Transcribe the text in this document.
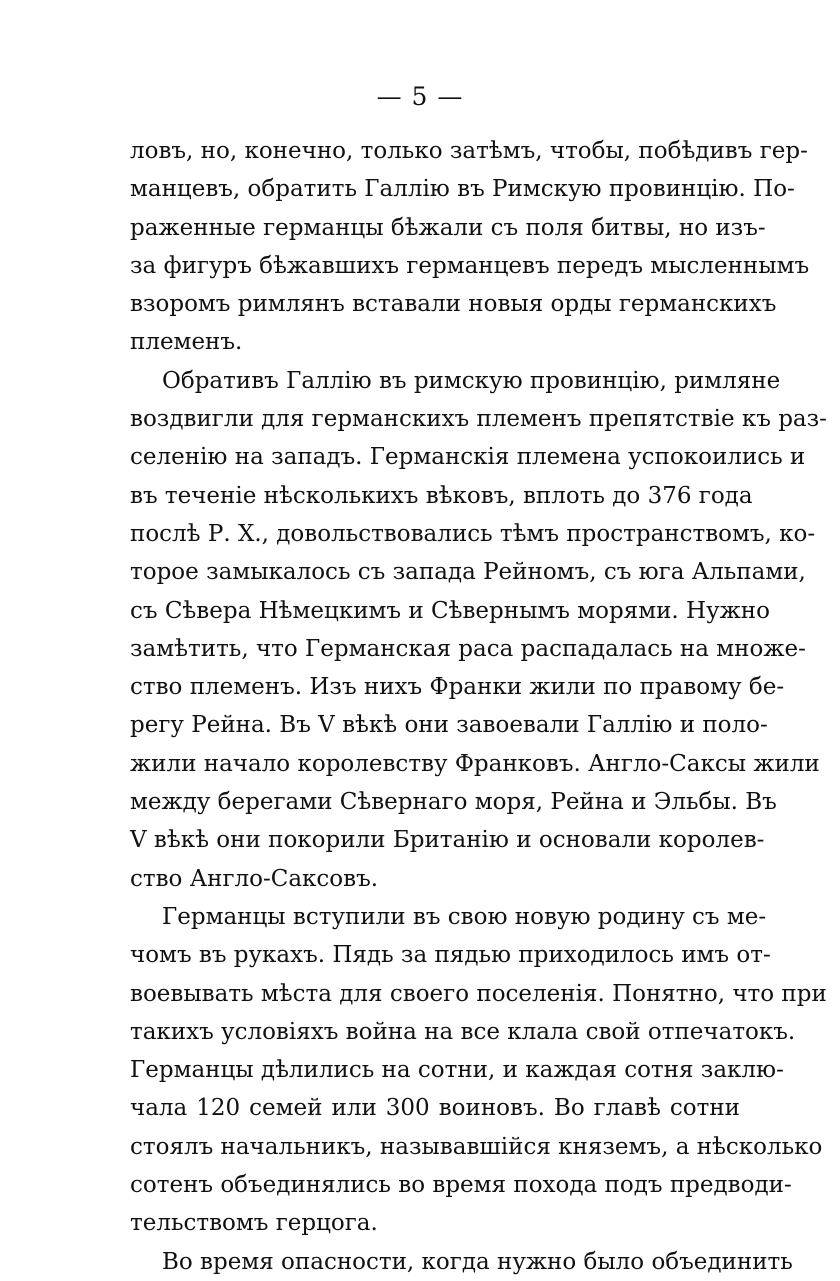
— 5 —
ловъ, но, конечно, только затѣмъ, чтобы, побѣдивъ гер-
манцевъ, обратить Галлію въ Римскую провинцію. По-
раженные германцы бѣжали съ поля битвы, но изъ-
за фигуръ бѣжавшихъ германцевъ передъ мысленнымъ
взоромъ римлянъ вставали новыя орды германскихъ
племенъ.
Обративъ Галлію въ римскую провинцію, римляне
воздвигли для германскихъ племенъ препятствіе къ раз-
селенію на западъ. Германскія племена успокоились и
въ теченіе нѣсколькихъ вѣковъ, вплоть до 376 года
послѣ Р. Х., довольствовались тѣмъ пространствомъ, ко-
торое замыкалось съ запада Рейномъ, съ юга Альпами,
съ Сѣвера Нѣмецкимъ и Сѣвернымъ морями. Нужно
замѣтить, что Германская раса распадалась на множе-
ство племенъ. Изъ нихъ Франки жили по правому бе-
регу Рейна. Въ V вѣкѣ они завоевали Галлію и поло-
жили начало королевству Франковъ. Англо-Саксы жили
между берегами Сѣвернаго моря, Рейна и Эльбы. Въ
V вѣкѣ они покорили Британію и основали королев-
ство Англо-Саксовъ.
Германцы вступили въ свою новую родину съ ме-
чомъ въ рукахъ. Пядь за пядью приходилось имъ от-
воевывать мѣста для своего поселенія. Понятно, что при
такихъ условіяхъ война на все клала свой отпечатокъ.
Германцы дѣлились на сотни, и каждая сотня заклю-
чала 120 семей или 300 воиновъ. Во главѣ сотни
стоялъ начальникъ, называвшійся княземъ, а нѣсколько
сотенъ объединялись во время похода подъ предводи-
тельствомъ герцога.
Во время опасности, когда нужно было объединить
